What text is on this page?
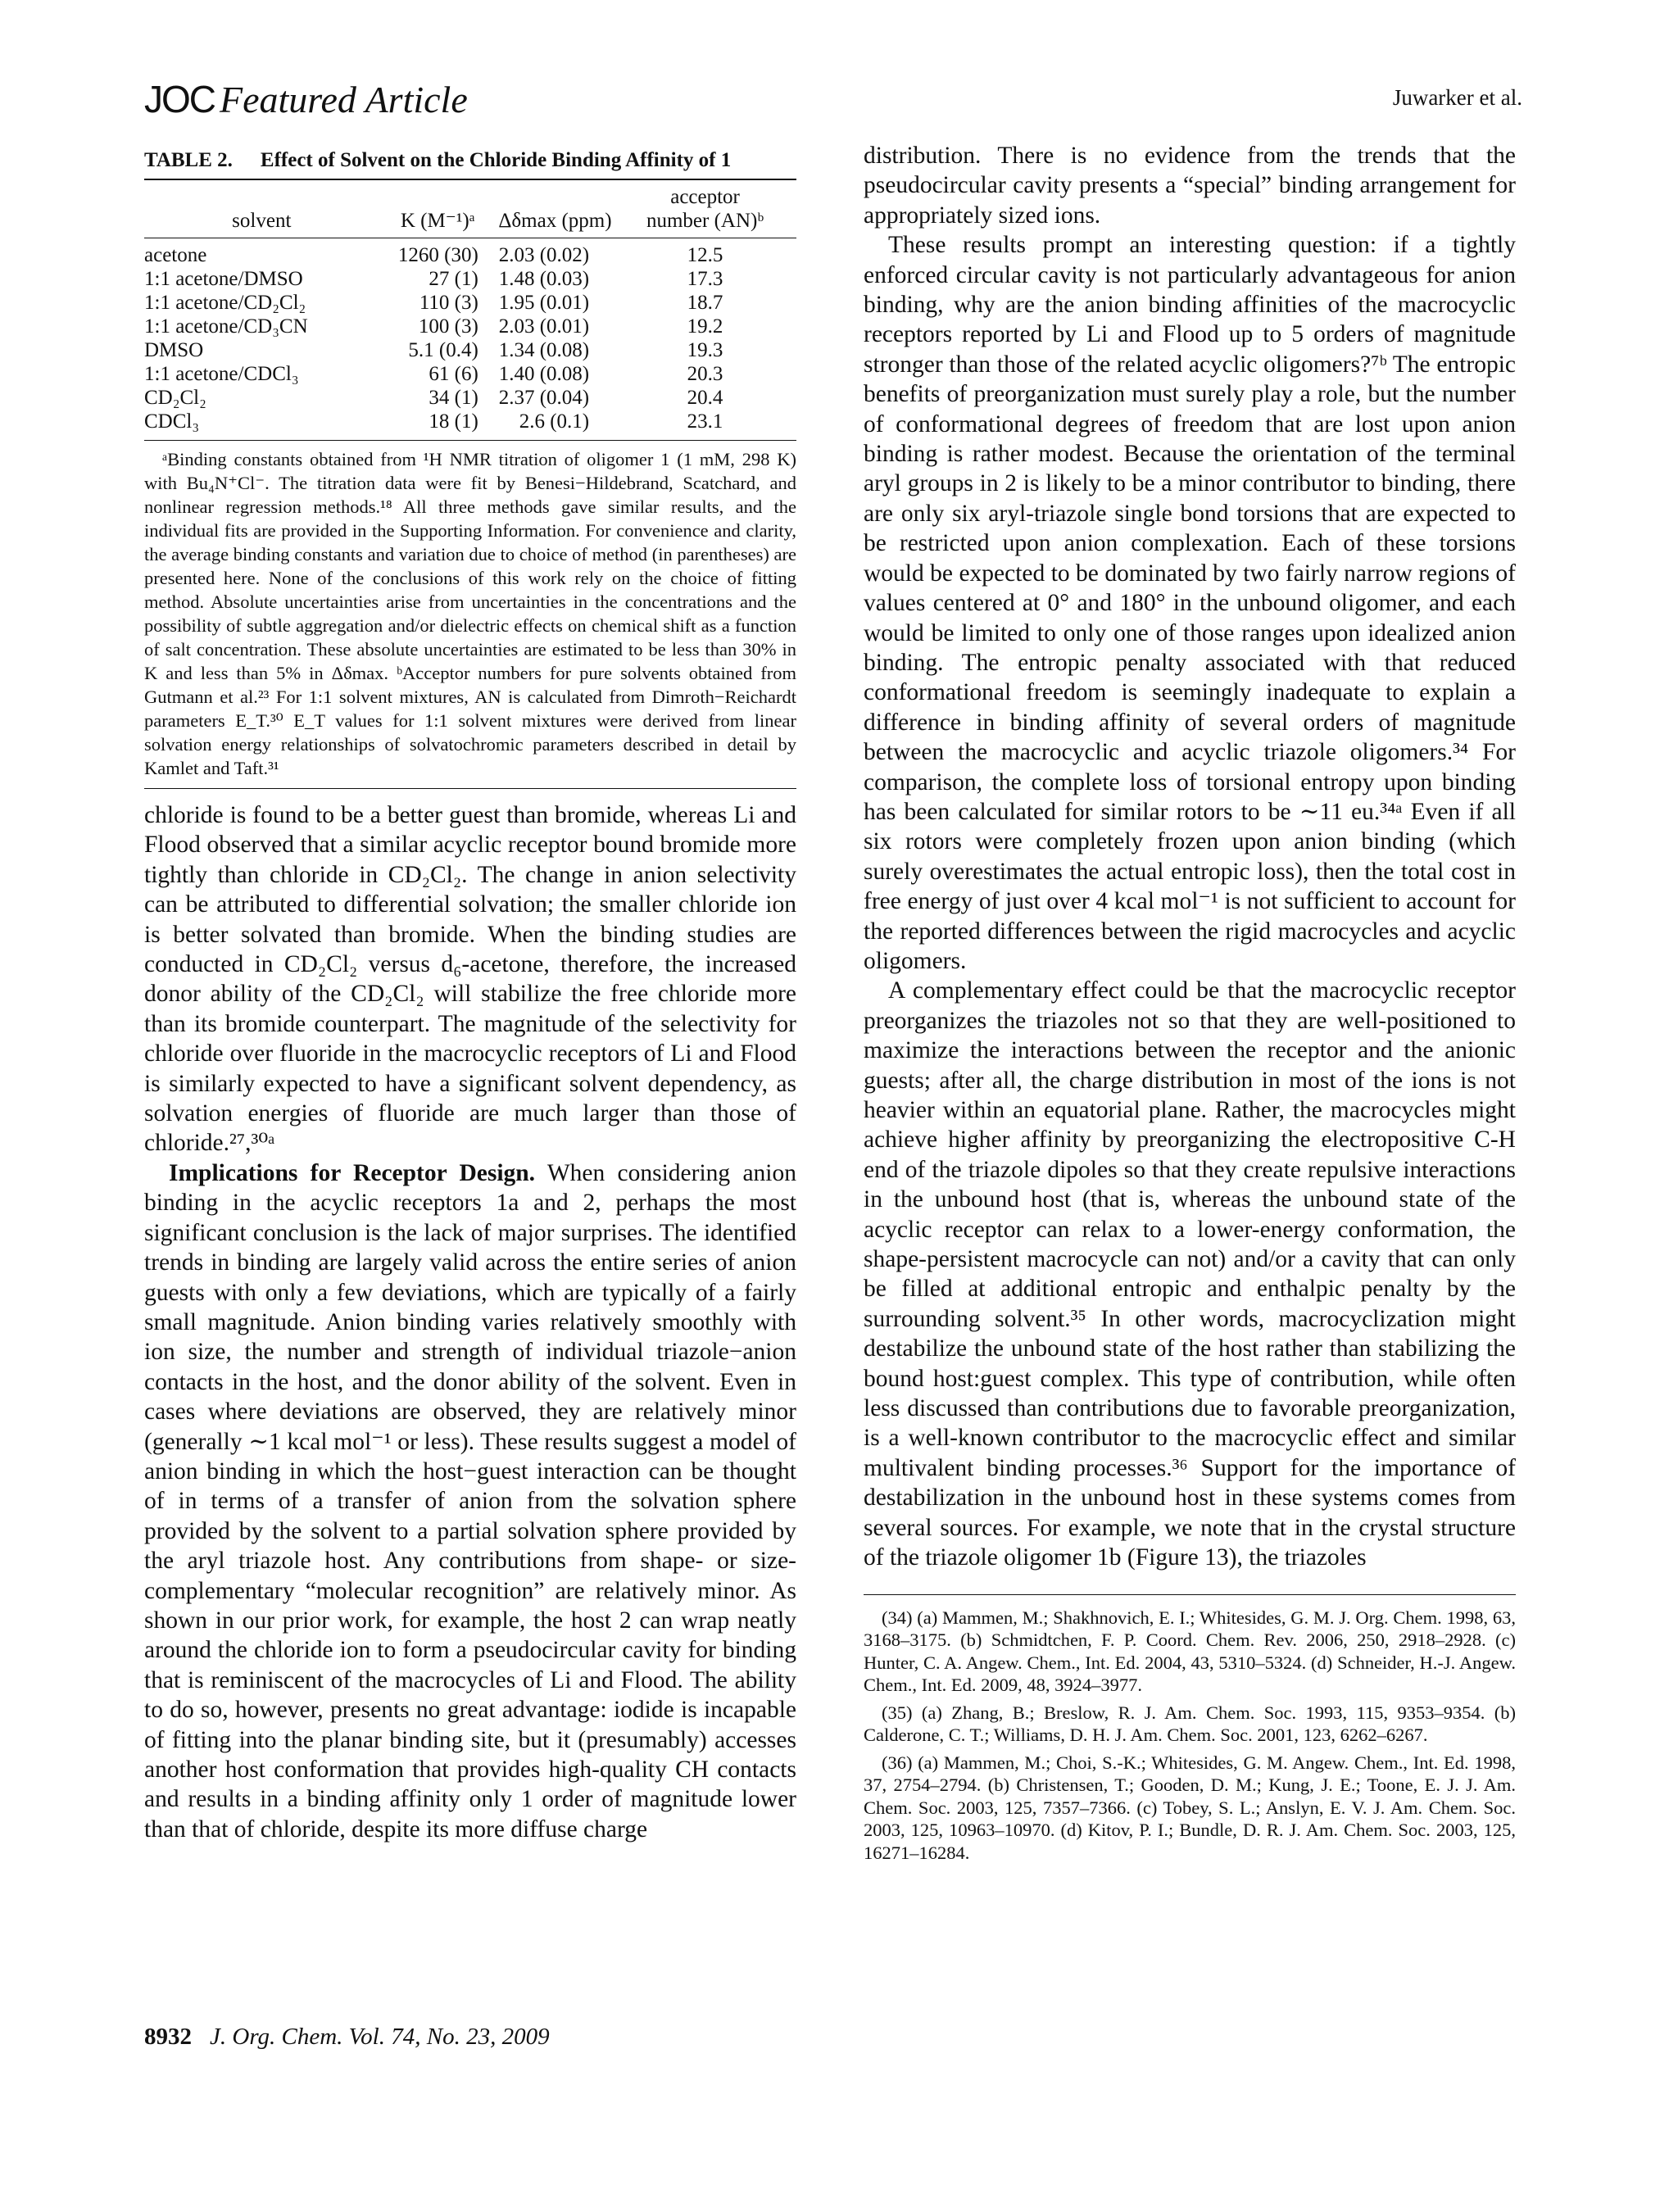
JOC Featured Article	Juwarker et al.
TABLE 2. Effect of Solvent on the Chloride Binding Affinity of 1
solvent	K (M⁻¹)ᵃ	Δδmax (ppm)	acceptor
number (AN)ᵇ

acetone	1260 (30)	2.03 (0.02)	12.5
1:1 acetone/DMSO	27 (1)	1.48 (0.03)	17.3
1:1 acetone/CD₂Cl₂	110 (3)	1.95 (0.01)	18.7
1:1 acetone/CD₃CN	100 (3)	2.03 (0.01)	19.2
DMSO	5.1 (0.4)	1.34 (0.08)	19.3
1:1 acetone/CDCl₃	61 (6)	1.40 (0.08)	20.3
CD₂Cl₂	34 (1)	2.37 (0.04)	20.4
CDCl₃	18 (1)	2.6 (0.1)	23.1

ᵃBinding constants obtained from ¹H NMR titration of oligomer 1 (1 mM, 298 K) with Bu₄N⁺Cl⁻. The titration data were fit by Benesi−Hildebrand, Scatchard, and nonlinear regression methods.¹⁸ All three methods gave similar results, and the individual fits are provided in the Supporting Information. For convenience and clarity, the average binding constants and variation due to choice of method (in parentheses) are presented here. None of the conclusions of this work rely on the choice of fitting method. Absolute uncertainties arise from uncertainties in the concentrations and the possibility of subtle aggregation and/or dielectric effects on chemical shift as a function of salt concentration. These absolute uncertainties are estimated to be less than 30% in K and less than 5% in Δδmax. ᵇAcceptor numbers for pure solvents obtained from Gutmann et al.²³ For 1:1 solvent mixtures, AN is calculated from Dimroth−Reichardt parameters E_T.³⁰ E_T values for 1:1 solvent mixtures were derived from linear solvation energy relationships of solvatochromic parameters described in detail by Kamlet and Taft.³¹

chloride is found to be a better guest than bromide, whereas Li and Flood observed that a similar acyclic receptor bound bromide more tightly than chloride in CD₂Cl₂. The change in anion selectivity can be attributed to differential solvation; the smaller chloride ion is better solvated than bromide. When the binding studies are conducted in CD₂Cl₂ versus d₆-acetone, therefore, the increased donor ability of the CD₂Cl₂ will stabilize the free chloride more than its bromide counterpart. The magnitude of the selectivity for chloride over fluoride in the macrocyclic receptors of Li and Flood is similarly expected to have a significant solvent dependency, as solvation energies of fluoride are much larger than those of chloride.²⁷,³⁰ᵃ

Implications for Receptor Design. When considering anion binding in the acyclic receptors 1a and 2, perhaps the most significant conclusion is the lack of major surprises. The identified trends in binding are largely valid across the entire series of anion guests with only a few deviations, which are typically of a fairly small magnitude. Anion binding varies relatively smoothly with ion size, the number and strength of individual triazole−anion contacts in the host, and the donor ability of the solvent. Even in cases where deviations are observed, they are relatively minor (generally ∼1 kcal mol⁻¹ or less). These results suggest a model of anion binding in which the host−guest interaction can be thought of in terms of a transfer of anion from the solvation sphere provided by the solvent to a partial solvation sphere provided by the aryl triazole host. Any contributions from shape- or size-complementary “molecular recognition” are relatively minor. As shown in our prior work, for example, the host 2 can wrap neatly around the chloride ion to form a pseudocircular cavity for binding that is reminiscent of the macrocycles of Li and Flood. The ability to do so, however, presents no great advantage: iodide is incapable of fitting into the planar binding site, but it (presumably) accesses another host conformation that provides high-quality CH contacts and results in a binding affinity only 1 order of magnitude lower than that of chloride, despite its more diffuse charge

distribution. There is no evidence from the trends that the pseudocircular cavity presents a “special” binding arrangement for appropriately sized ions.

These results prompt an interesting question: if a tightly enforced circular cavity is not particularly advantageous for anion binding, why are the anion binding affinities of the macrocyclic receptors reported by Li and Flood up to 5 orders of magnitude stronger than those of the related acyclic oligomers?⁷ᵇ The entropic benefits of preorganization must surely play a role, but the number of conformational degrees of freedom that are lost upon anion binding is rather modest. Because the orientation of the terminal aryl groups in 2 is likely to be a minor contributor to binding, there are only six aryl-triazole single bond torsions that are expected to be restricted upon anion complexation. Each of these torsions would be expected to be dominated by two fairly narrow regions of values centered at 0° and 180° in the unbound oligomer, and each would be limited to only one of those ranges upon idealized anion binding. The entropic penalty associated with that reduced conformational freedom is seemingly inadequate to explain a difference in binding affinity of several orders of magnitude between the macrocyclic and acyclic triazole oligomers.³⁴ For comparison, the complete loss of torsional entropy upon binding has been calculated for similar rotors to be ∼11 eu.³⁴ᵃ Even if all six rotors were completely frozen upon anion binding (which surely overestimates the actual entropic loss), then the total cost in free energy of just over 4 kcal mol⁻¹ is not sufficient to account for the reported differences between the rigid macrocycles and acyclic oligomers.

A complementary effect could be that the macrocyclic receptor preorganizes the triazoles not so that they are well-positioned to maximize the interactions between the receptor and the anionic guests; after all, the charge distribution in most of the ions is not heavier within an equatorial plane. Rather, the macrocycles might achieve higher affinity by preorganizing the electropositive C-H end of the triazole dipoles so that they create repulsive interactions in the unbound host (that is, whereas the unbound state of the acyclic receptor can relax to a lower-energy conformation, the shape-persistent macrocycle can not) and/or a cavity that can only be filled at additional entropic and enthalpic penalty by the surrounding solvent.³⁵ In other words, macrocyclization might destabilize the unbound state of the host rather than stabilizing the bound host:guest complex. This type of contribution, while often less discussed than contributions due to favorable preorganization, is a well-known contributor to the macrocyclic effect and similar multivalent binding processes.³⁶ Support for the importance of destabilization in the unbound host in these systems comes from several sources. For example, we note that in the crystal structure of the triazole oligomer 1b (Figure 13), the triazoles

(34) (a) Mammen, M.; Shakhnovich, E. I.; Whitesides, G. M. J. Org. Chem. 1998, 63, 3168–3175. (b) Schmidtchen, F. P. Coord. Chem. Rev. 2006, 250, 2918–2928. (c) Hunter, C. A. Angew. Chem., Int. Ed. 2004, 43, 5310–5324. (d) Schneider, H.-J. Angew. Chem., Int. Ed. 2009, 48, 3924–3977.

(35) (a) Zhang, B.; Breslow, R. J. Am. Chem. Soc. 1993, 115, 9353–9354. (b) Calderone, C. T.; Williams, D. H. J. Am. Chem. Soc. 2001, 123, 6262–6267.

(36) (a) Mammen, M.; Choi, S.-K.; Whitesides, G. M. Angew. Chem., Int. Ed. 1998, 37, 2754–2794. (b) Christensen, T.; Gooden, D. M.; Kung, J. E.; Toone, E. J. J. Am. Chem. Soc. 2003, 125, 7357–7366. (c) Tobey, S. L.; Anslyn, E. V. J. Am. Chem. Soc. 2003, 125, 10963–10970. (d) Kitov, P. I.; Bundle, D. R. J. Am. Chem. Soc. 2003, 125, 16271–16284.

8932 J. Org. Chem. Vol. 74, No. 23, 2009
